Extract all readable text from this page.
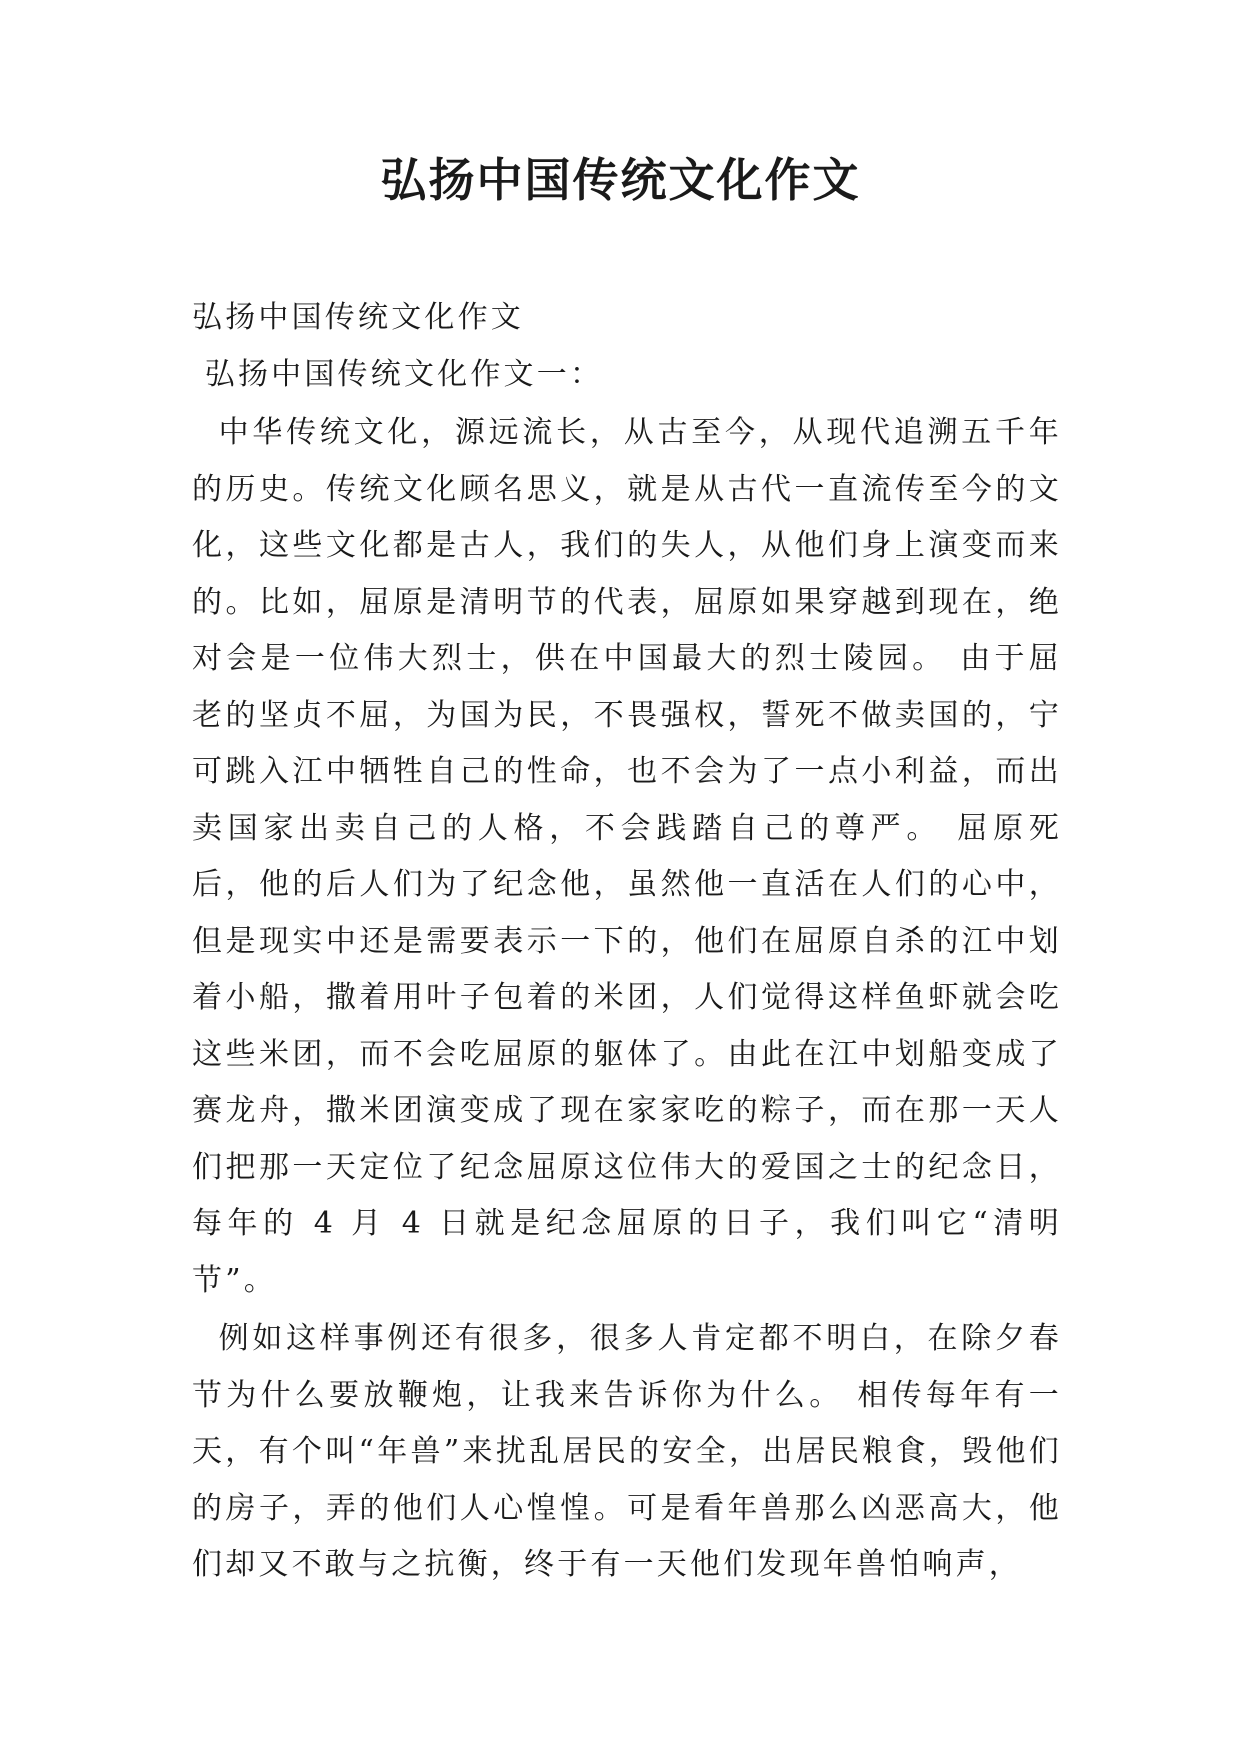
弘扬中国传统文化作文

弘扬中国传统文化作文

弘扬中国传统文化作文一：

中华传统文化，源远流长，从古至今，从现代追溯五千年的历史。传统文化顾名思义，就是从古代一直流传至今的文化，这些文化都是古人，我们的失人，从他们身上演变而来的。比如，屈原是清明节的代表，屈原如果穿越到现在，绝对会是一位伟大烈士，供在中国最大的烈士陵园。 由于屈老的坚贞不屈，为国为民，不畏强权，誓死不做卖国的，宁可跳入江中牺牲自己的性命，也不会为了一点小利益，而出卖国家出卖自己的人格，不会践踏自己的尊严。 屈原死后，他的后人们为了纪念他，虽然他一直活在人们的心中，但是现实中还是需要表示一下的，他们在屈原自杀的江中划着小船，撒着用叶子包着的米团，人们觉得这样鱼虾就会吃这些米团，而不会吃屈原的躯体了。由此在江中划船变成了赛龙舟，撒米团演变成了现在家家吃的粽子，而在那一天人们把那一天定位了纪念屈原这位伟大的爱国之士的纪念日，每年的 4 月 4 日就是纪念屈原的日子，我们叫它“清明节”。

例如这样事例还有很多，很多人肯定都不明白，在除夕春节为什么要放鞭炮，让我来告诉你为什么。 相传每年有一天，有个叫“年兽”来扰乱居民的安全，出居民粮食，毁他们的房子，弄的他们人心惶惶。可是看年兽那么凶恶高大，他们却又不敢与之抗衡，终于有一天他们发现年兽怕响声，
